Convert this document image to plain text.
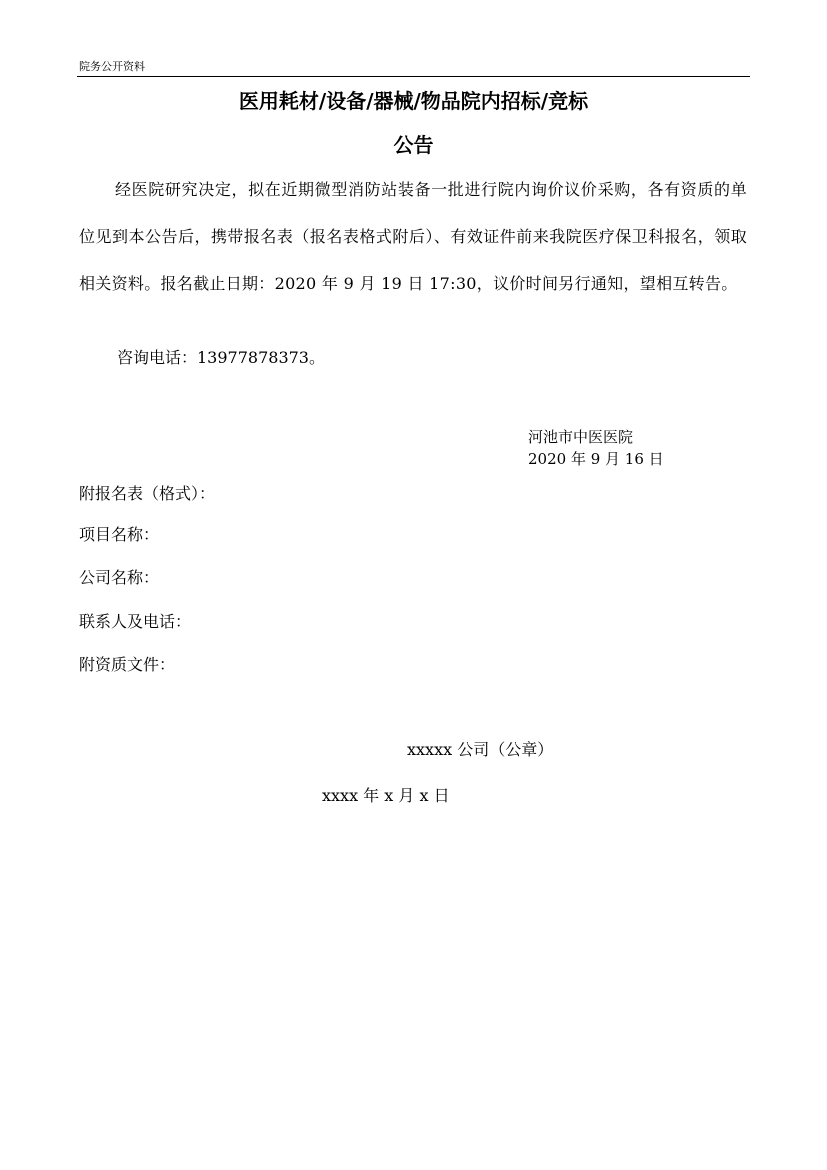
院务公开资料
医用耗材/设备/器械/物品院内招标/竞标
公告
经医院研究决定，拟在近期微型消防站装备一批进行院内询价议价采购，各有资质的单位见到本公告后，携带报名表（报名表格式附后）、有效证件前来我院医疗保卫科报名，领取相关资料。报名截止日期：2020 年 9 月 19 日 17:30，议价时间另行通知，望相互转告。
咨询电话：13977878373。
河池市中医医院
2020 年 9 月 16 日
附报名表（格式）：
项目名称：
公司名称：
联系人及电话：
附资质文件：
xxxxx 公司（公章）
xxxx 年 x 月 x 日
